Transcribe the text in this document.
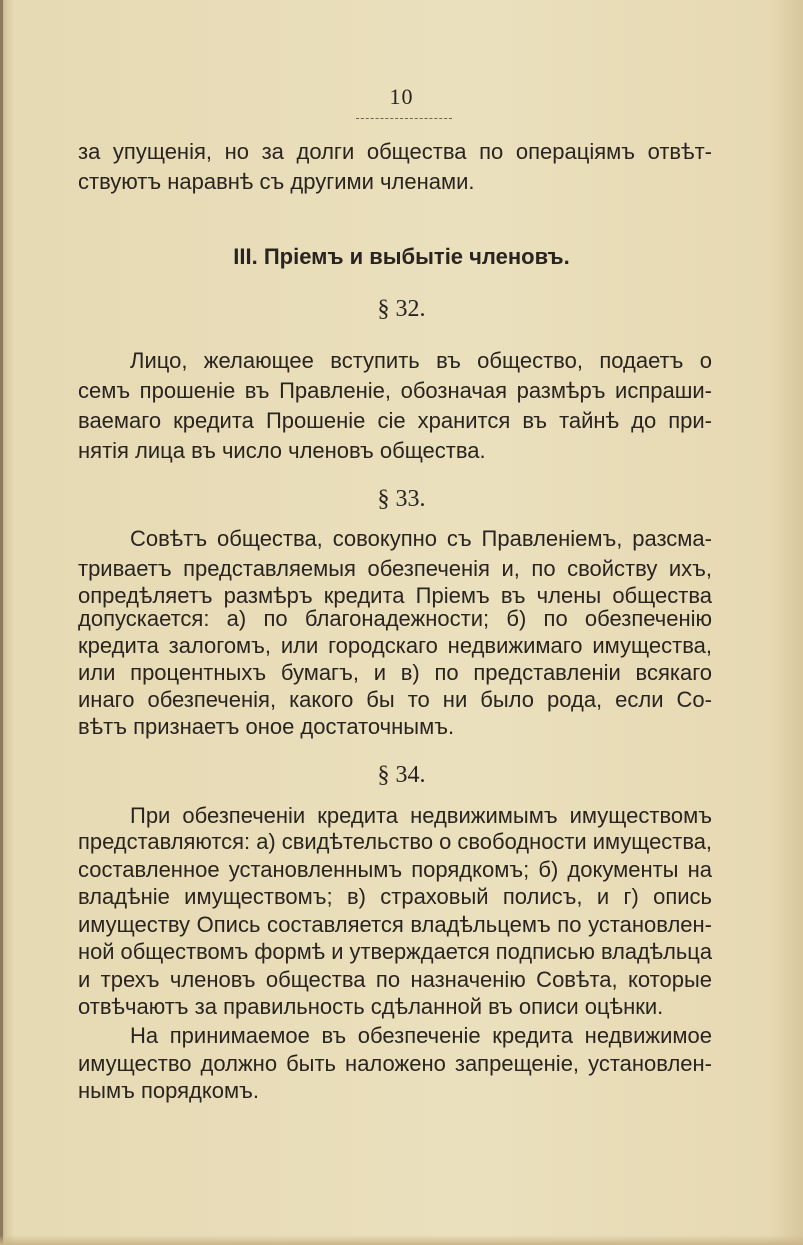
10
за упущенія, но за долги общества по операціямъ отвѣт-
ствуютъ наравнѣ съ другими членами.
III. Пріемъ и выбытіе членовъ.
§ 32.
Лицо, желающее вступить въ общество, подаетъ о
семъ прошеніе въ Правленіе, обозначая размѣръ испраши-
ваемаго кредита Прошеніе сіе хранится въ тайнѣ до при-
нятія лица въ число членовъ общества.
§ 33.
Совѣтъ общества, совокупно съ Правленіемъ, разсма-
триваетъ представляемыя обезпеченія и, по свойству ихъ,
опредѣляетъ размѣръ кредита Пріемъ въ члены общества
допускается: а) по благонадежности; б) по обезпеченію
кредита залогомъ, или городскаго недвижимаго имущества,
или процентныхъ бумагъ, и в) по представленіи всякаго
инаго обезпеченія, какого бы то ни было рода, если Со-
вѣтъ признаетъ оное достаточнымъ.
§ 34.
При обезпеченіи кредита недвижимымъ имуществомъ
представляются: а) свидѣтельство о свободности имущества,
составленное установленнымъ порядкомъ; б) документы на
владѣніе имуществомъ; в) страховый полисъ, и г) опись
имуществу Опись составляется владѣльцемъ по установлен-
ной обществомъ формѣ и утверждается подписью владѣльца
и трехъ членовъ общества по назначенію Совѣта, которые
отвѣчаютъ за правильность сдѣланной въ описи оцѣнки.
На принимаемое въ обезпеченіе кредита недвижимое
имущество должно быть наложено запрещеніе, установлен-
нымъ порядкомъ.
